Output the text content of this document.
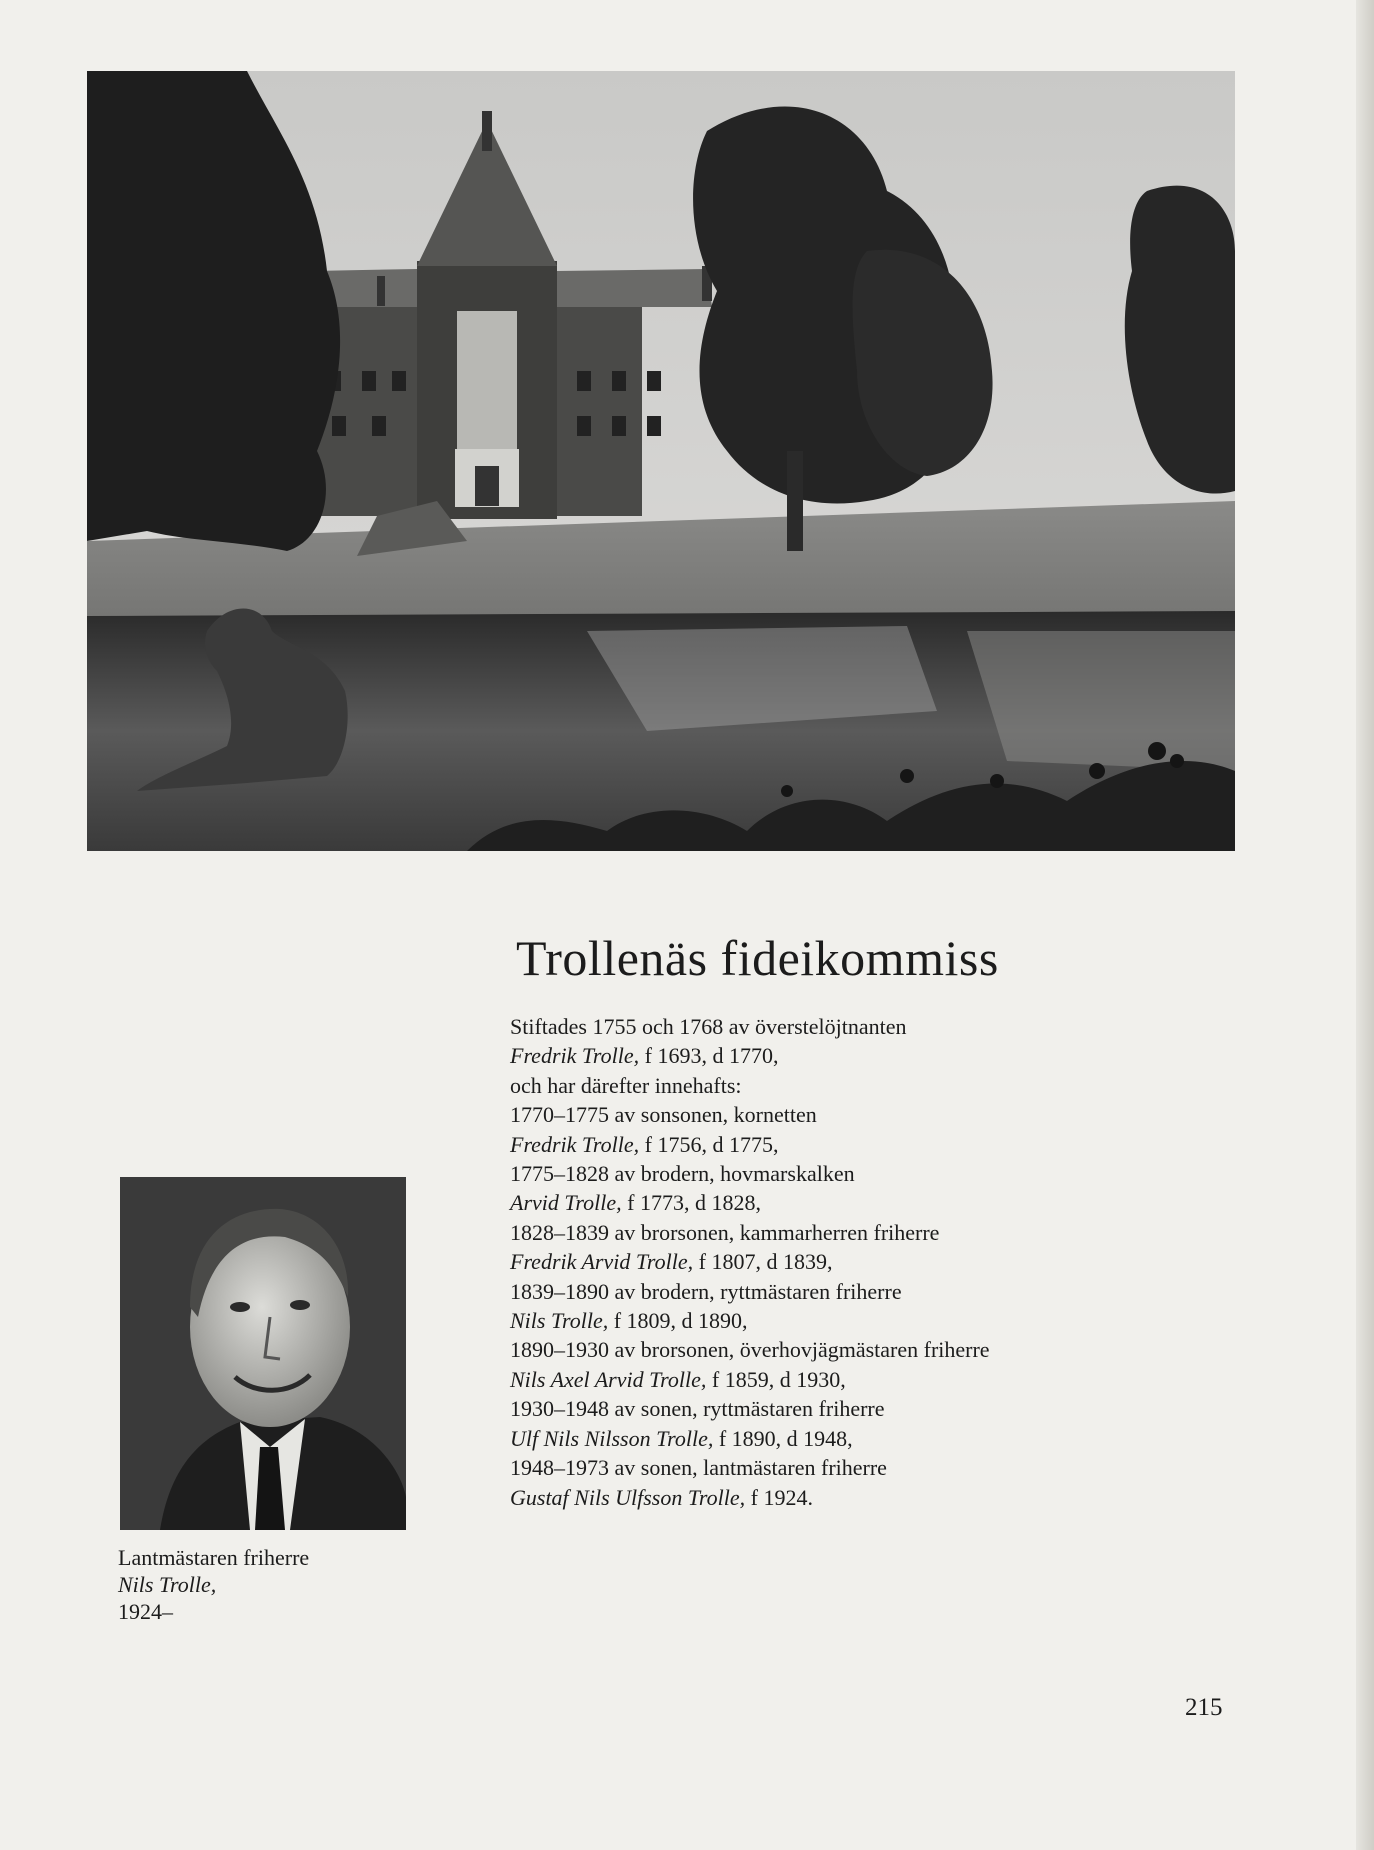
Lantmästaren friherre
Nils Trolle,
1924–
Trollenäs fideikommiss
Stiftades 1755 och 1768 av överstelöjtnanten
Fredrik Trolle, f 1693, d 1770,
och har därefter innehafts:
1770–1775 av sonsonen, kornetten
Fredrik Trolle, f 1756, d 1775,
1775–1828 av brodern, hovmarskalken
Arvid Trolle, f 1773, d 1828,
1828–1839 av brorsonen, kammarherren friherre
Fredrik Arvid Trolle, f 1807, d 1839,
1839–1890 av brodern, ryttmästaren friherre
Nils Trolle, f 1809, d 1890,
1890–1930 av brorsonen, överhovjägmästaren friherre
Nils Axel Arvid Trolle, f 1859, d 1930,
1930–1948 av sonen, ryttmästaren friherre
Ulf Nils Nilsson Trolle, f 1890, d 1948,
1948–1973 av sonen, lantmästaren friherre
Gustaf Nils Ulfsson Trolle, f 1924.
215
